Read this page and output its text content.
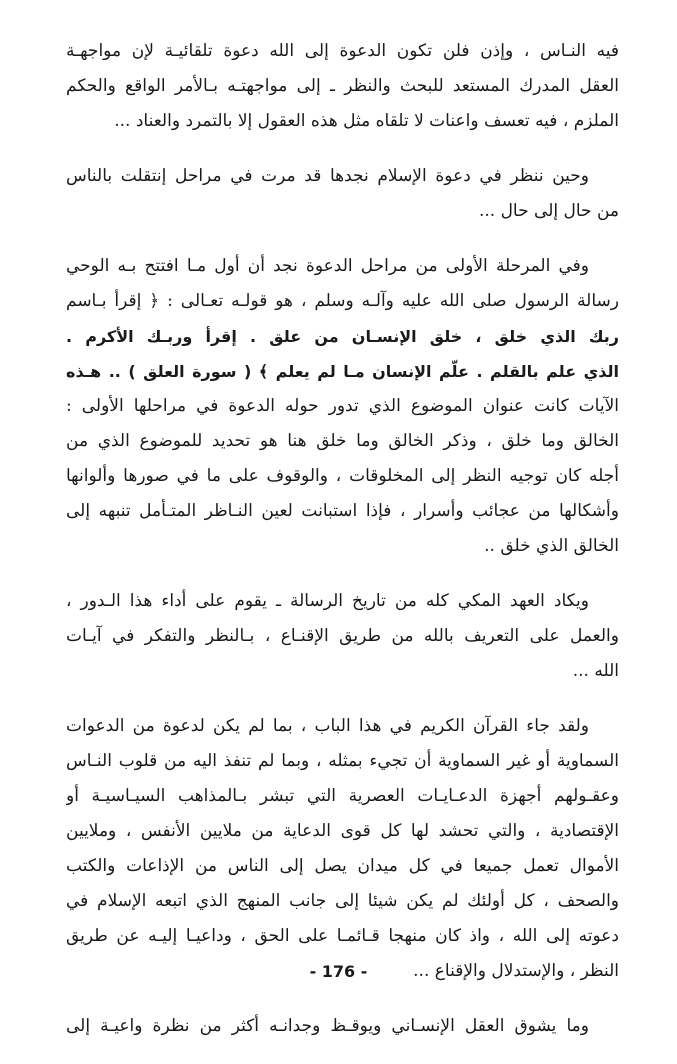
فيه النـاس ، وإذن فلن تكون الدعوة إلى الله دعوة تلقائيـة لإن مواجهـة
العقل المدرك المستعد للبحث والنظر ـ إلى مواجهتـه بـالأمر الواقع والحكم
الملزم ، فيه تعسف واعنات لا تلقاه مثل هذه العقول إلا بالتمرد والعناد ...
وحين ننظر في دعوة الإسلام نجدها قد مرت في مراحل إنتقلت بالناس
من حال إلى حال ...
وفي المرحلة الأولى من مراحل الدعوة نجد أن أول مـا افتتح بـه الوحي
رسالة الرسول صلى الله عليه وآلـه وسلم ، هو قولـه تعـالى : ﴿ إقرأ بـاسم
ربك الذي خلق ، خلق الإنسـان من علق . إقرأ وربـك الأكرم .
الذي علم بالقلم . علّم الإنسان مـا لم يعلم ﴾ ( سورة العلق ) .. هـذه
الآيات كانت عنوان الموضوع الذي تدور حوله الدعوة في مراحلها الأولى :
الخالق وما خلق ، وذكر الخالق وما خلق هنا هو تحديد للموضوع الذي من
أجله كان توجيه النظر إلى المخلوقات ، والوقوف على ما في صورها وألوانها
وأشكالها من عجائب وأسرار ، فإذا استبانت لعين النـاظر المتـأمل تنبهه إلى
الخالق الذي خلق ..
ويكاد العهد المكي كله من تاريخ الرسالة ـ يقوم على أداء هذا الـدور ،
والعمل على التعريف بالله من طريق الإقنـاع ، بـالنظر والتفكر في آيـات
الله ...
ولقد جاء القرآن الكريم في هذا الباب ، بما لم يكن لدعوة من الدعوات
السماوية أو غير السماوية أن تجيء بمثله ، وبما لم تنفذ اليه من قلوب النـاس
وعقـولهم أجهزة الدعـايـات العصرية التي تبشر بـالمذاهب السيـاسيـة أو
الإقتصادية ، والتي تحشد لها كل قوى الدعاية من ملايين الأنفس ، وملايين
الأموال تعمل جميعا في كل ميدان يصل إلى الناس من الإذاعات والكتب
والصحف ، كل أولئك لم يكن شيئا إلى جانب المنهج الذي اتبعه الإسلام في
دعوته إلى الله ، واذ كان منهجا قـائمـا على الحق ، وداعيـا إليـه عن طريق
النظر ، والإستدلال والإقناع ...
وما يشوق العقل الإنسـاني ويوقـظ وجدانـه أكثر من نظرة واعيـة إلى
- 176 -
